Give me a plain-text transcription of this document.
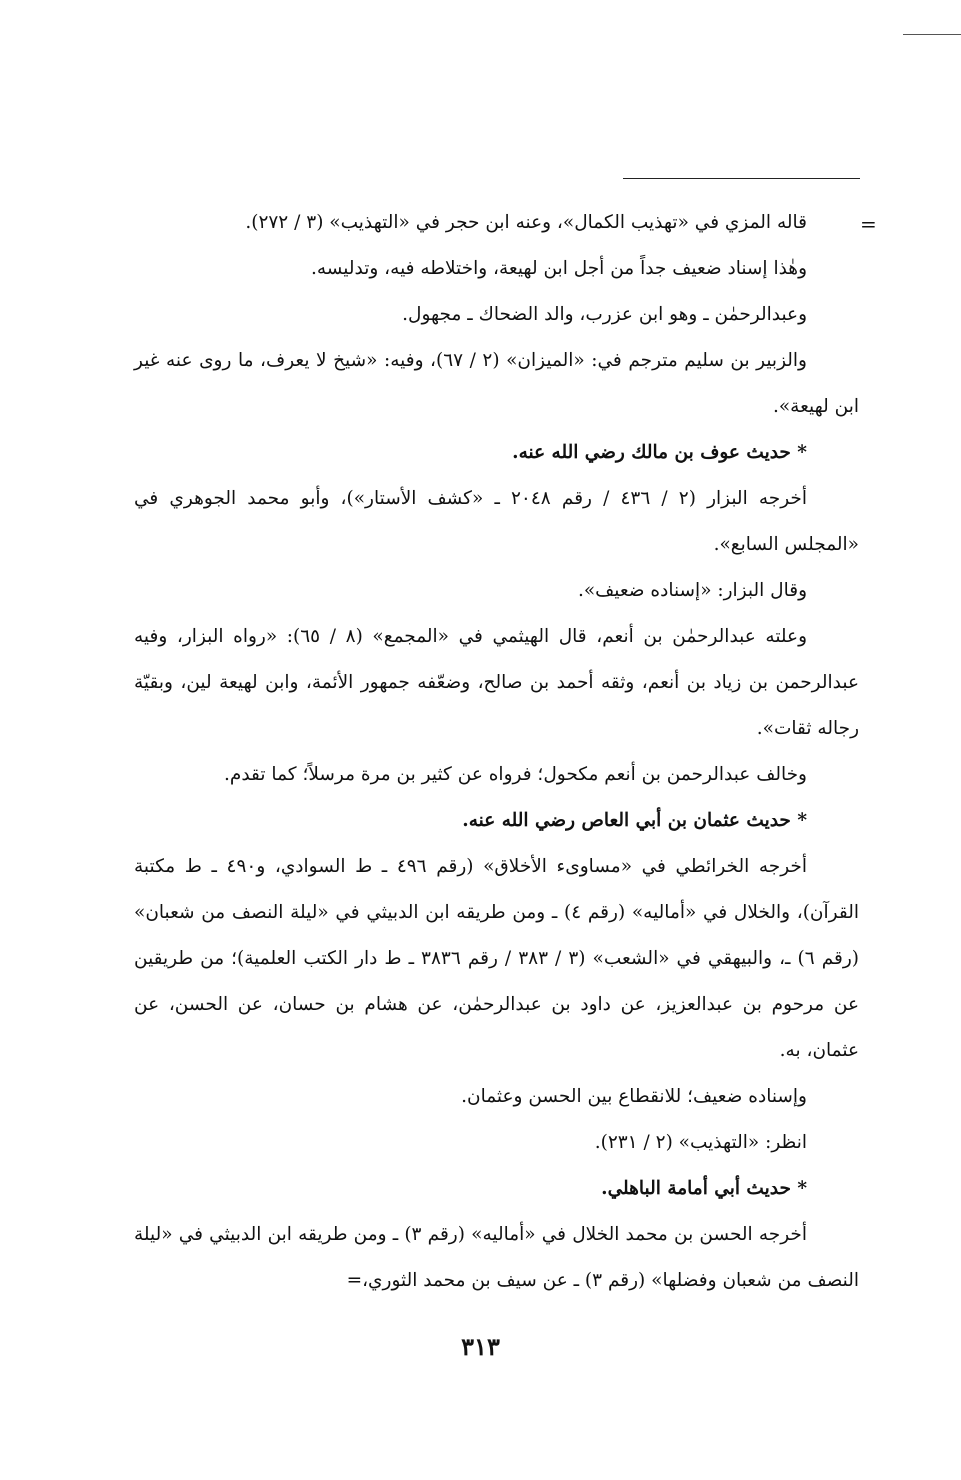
=

قاله المزي في «تهذيب الكمال»، وعنه ابن حجر في «التهذيب» (٣ / ٢٧٢).

وهٰذا إسناد ضعيف جداً من أجل ابن لهيعة، واختلاطه فيه، وتدليسه.

وعبدالرحمٰن ـ وهو ابن عزرب، والد الضحاك ـ مجهول.

والزبير بن سليم مترجم في: «الميزان» (٢ / ٦٧)، وفيه: «شيخ لا يعرف، ما روى عنه غير ابن لهيعة».

* حديث عوف بن مالك رضي الله عنه.

أخرجه البزار (٢ / ٤٣٦ / رقم ٢٠٤٨ ـ «كشف الأستار»)، وأبو محمد الجوهري في «المجلس السابع».

وقال البزار: «إسناده ضعيف».

وعلته عبدالرحمٰن بن أنعم، قال الهيثمي في «المجمع» (٨ / ٦٥): «رواه البزار، وفيه عبدالرحمن بن زياد بن أنعم، وثقه أحمد بن صالح، وضعّفه جمهور الأئمة، وابن لهيعة لين، وبقيّة رجاله ثقات».

وخالف عبدالرحمن بن أنعم مكحول؛ فرواه عن كثير بن مرة مرسلاً؛ كما تقدم.

* حديث عثمان بن أبي العاص رضي الله عنه.

أخرجه الخرائطي في «مساوىء الأخلاق» (رقم ٤٩٦ ـ ط السوادي، و٤٩٠ ـ ط مكتبة القرآن)، والخلال في «أماليه» (رقم ٤) ـ ومن طريقه ابن الدبيثي في «ليلة النصف من شعبان» (رقم ٦) ـ، والبيهقي في «الشعب» (٣ / ٣٨٣ / رقم ٣٨٣٦ ـ ط دار الكتب العلمية)؛ من طريقين عن مرحوم بن عبدالعزيز، عن داود بن عبدالرحمٰن، عن هشام بن حسان، عن الحسن، عن عثمان، به.

وإسناده ضعيف؛ للانقطاع بين الحسن وعثمان.

انظر: «التهذيب» (٢ / ٢٣١).

* حديث أبي أمامة الباهلي.

أخرجه الحسن بن محمد الخلال في «أماليه» (رقم ٣) ـ ومن طريقه ابن الدبيثي في «ليلة النصف من شعبان وفضلها» (رقم ٣) ـ عن سيف بن محمد الثوري،=

٣١٣
